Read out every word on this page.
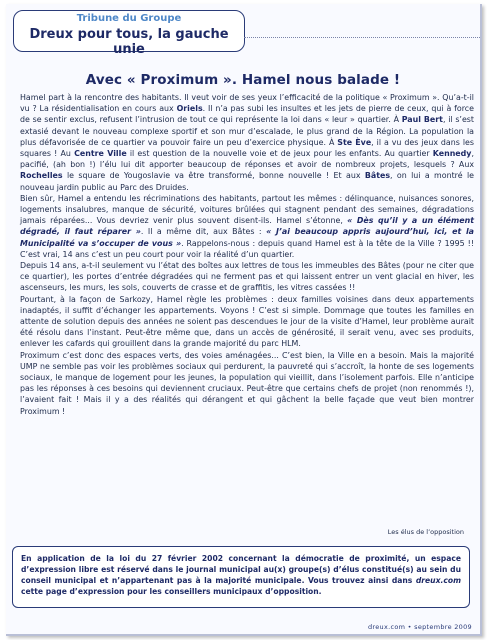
Tribune du Groupe
Dreux pour tous, la gauche unie
Avec « Proximum ». Hamel nous balade !

Hamel part à la rencontre des habitants. Il veut voir de ses yeux l’efficacité de la politique « Proximum ». Qu’a-t-il vu ? La résidentialisation en cours aux Oriels. Il n’a pas subi les insultes et les jets de pierre de ceux, qui à force de se sentir exclus, refusent l’intrusion de tout ce qui représente la loi dans « leur » quartier. À Paul Bert, il s’est extasié devant le nouveau complexe sportif et son mur d’escalade, le plus grand de la Région. La population la plus défavorisée de ce quartier va pouvoir faire un peu d’exercice physique. À Ste Ève, il a vu des jeux dans les squares ! Au Centre Ville il est question de la nouvelle voie et de jeux pour les enfants. Au quartier Kennedy, pacifié, (ah bon !) l’élu lui dit apporter beaucoup de réponses et avoir de nombreux projets, lesquels ? Aux Rochelles le square de Yougoslavie va être transformé, bonne nouvelle ! Et aux Bâtes, on lui a montré le nouveau jardin public au Parc des Druides.

Bien sûr, Hamel a entendu les récriminations des habitants, partout les mêmes : délinquance, nuisances sonores, logements insalubres, manque de sécurité, voitures brûlées qui stagnent pendant des semaines, dégradations jamais réparées... Vous devriez venir plus souvent disent-ils. Hamel s’étonne, « Dès qu’il y a un élément dégradé, il faut réparer ». Il a même dit, aux Bâtes : « J’ai beaucoup appris aujourd’hui, ici, et la Municipalité va s’occuper de vous ». Rappelons-nous : depuis quand Hamel est à la tête de la Ville ? 1995 !! C’est vrai, 14 ans c’est un peu court pour voir la réalité d’un quartier.

Depuis 14 ans, a-t-il seulement vu l’état des boîtes aux lettres de tous les immeubles des Bâtes (pour ne citer que ce quartier), les portes d’entrée dégradées qui ne ferment pas et qui laissent entrer un vent glacial en hiver, les ascenseurs, les murs, les sols, couverts de crasse et de graffitis, les vitres cassées !!

Pourtant, à la façon de Sarkozy, Hamel règle les problèmes : deux familles voisines dans deux appartements inadaptés, il suffit d’échanger les appartements. Voyons ! C’est si simple. Dommage que toutes les familles en attente de solution depuis des années ne soient pas descendues le jour de la visite d’Hamel, leur problème aurait été résolu dans l’instant. Peut-être même que, dans un accès de générosité, il serait venu, avec ses produits, enlever les cafards qui grouillent dans la grande majorité du parc HLM.

Proximum c’est donc des espaces verts, des voies aménagées... C’est bien, la Ville en a besoin. Mais la majorité UMP ne semble pas voir les problèmes sociaux qui perdurent, la pauvreté qui s’accroît, la honte de ses logements sociaux, le manque de logement pour les jeunes, la population qui vieillit, dans l’isolement parfois. Elle n’anticipe pas les réponses à ces besoins qui deviennent cruciaux. Peut-être que certains chefs de projet (non renommés !), l’avaient fait ! Mais il y a des réalités qui dérangent et qui gâchent la belle façade que veut bien montrer Proximum !

Les élus de l’opposition
En application de la loi du 27 février 2002 concernant la démocratie de proximité, un espace d’expression libre est réservé dans le journal municipal au(x) groupe(s) d’élus constitué(s) au sein du conseil municipal et n’appartenant pas à la majorité municipale. Vous trouvez ainsi dans dreux.com cette page d’expression pour les conseillers municipaux d’opposition.
dreux.com • septembre 2009
